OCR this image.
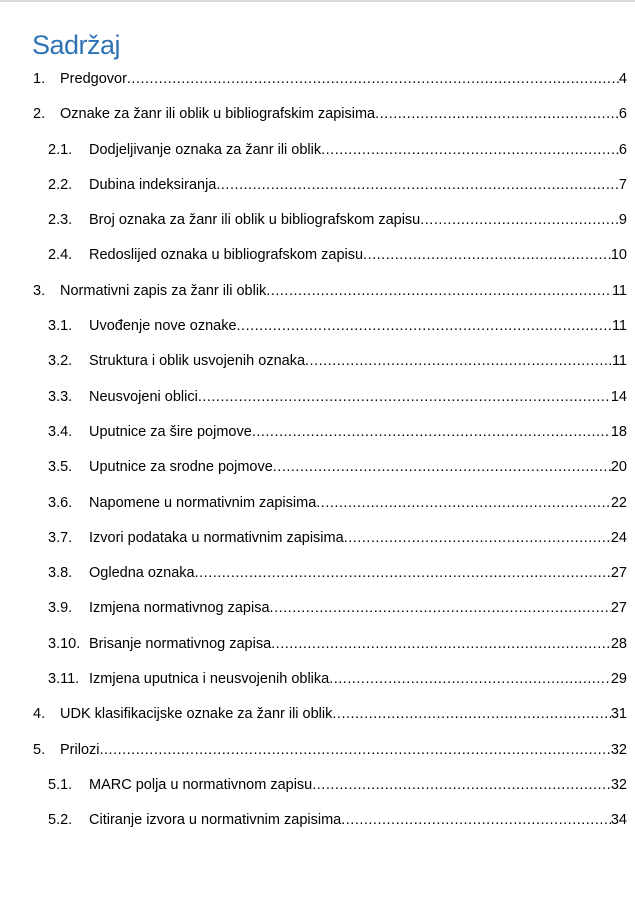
Sadržaj
1. Predgovor .....	4
2. Oznake za žanr ili oblik u bibliografskim zapisima .....	6
2.1. Dodjeljivanje oznaka za žanr ili oblik .....	6
2.2. Dubina indeksiranja .....	7
2.3. Broj oznaka za žanr ili oblik u bibliografskom zapisu .....	9
2.4. Redoslijed oznaka u bibliografskom zapisu .....	10
3. Normativni zapis za žanr ili oblik .....	11
3.1. Uvođenje nove oznake .....	11
3.2. Struktura i oblik usvojenih oznaka .....	11
3.3. Neusvojeni oblici .....	14
3.4. Uputnice za šire pojmove .....	18
3.5. Uputnice za srodne pojmove .....	20
3.6. Napomene u normativnim zapisima .....	22
3.7. Izvori podataka u normativnim zapisima .....	24
3.8. Ogledna oznaka .....	27
3.9. Izmjena normativnog zapisa .....	27
3.10. Brisanje normativnog zapisa .....	28
3.11. Izmjena uputnica i neusvojenih oblika .....	29
4. UDK klasifikacijske oznake za žanr ili oblik .....	31
5. Prilozi .....	32
5.1. MARC polja u normativnom zapisu .....	32
5.2. Citiranje izvora u normativnim zapisima .....	34
